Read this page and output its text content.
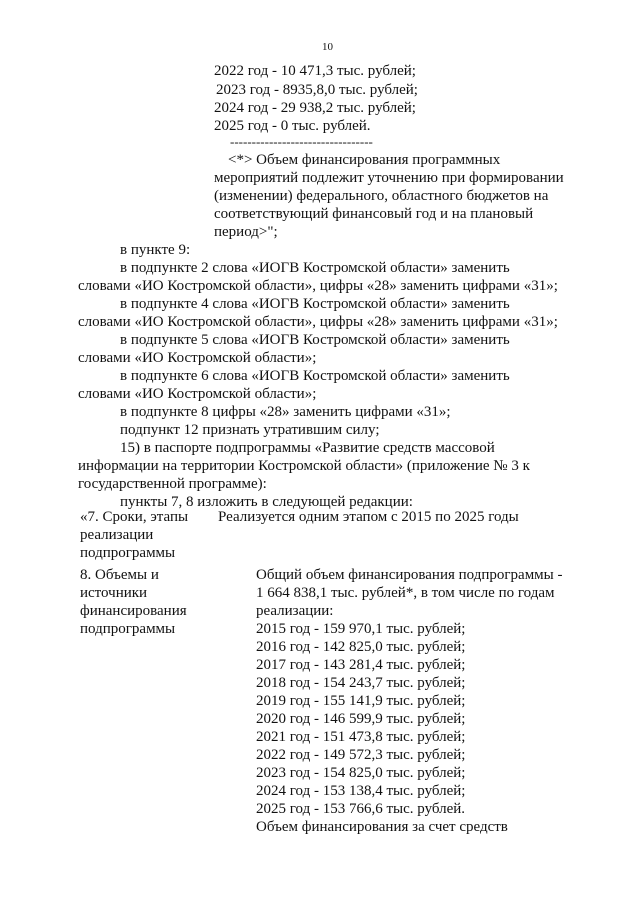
10
2022 год - 10 471,3 тыс. рублей;
2023 год - 8935,8,0 тыс. рублей;
2024 год - 29 938,2 тыс. рублей;
2025 год - 0 тыс. рублей.
---------------------------------
<*> Объем финансирования программных
мероприятий подлежит уточнению при формировании
(изменении) федерального, областного бюджетов на
соответствующий финансовый год и на плановый
период>";
в пункте 9:
в подпункте 2 слова «ИОГВ Костромской области» заменить
словами «ИО Костромской области», цифры «28» заменить цифрами «31»;
в подпункте 4 слова «ИОГВ Костромской области» заменить
словами «ИО Костромской области», цифры «28» заменить цифрами «31»;
в подпункте 5 слова «ИОГВ Костромской области» заменить
словами «ИО Костромской области»;
в подпункте 6 слова «ИОГВ Костромской области» заменить
словами «ИО Костромской области»;
в подпункте 8 цифры «28» заменить цифрами «31»;
подпункт 12 признать утратившим силу;
15) в паспорте подпрограммы «Развитие средств массовой
информации на территории Костромской области» (приложение № 3 к
государственной программе):
пункты 7, 8 изложить в следующей редакции:
«7. Сроки, этапы
реализации
подпрограммы
Реализуется одним этапом с 2015 по 2025 годы
8. Объемы и
источники
финансирования
подпрограммы
Общий объем финансирования подпрограммы -
1 664 838,1 тыс. рублей*, в том числе по годам
реализации:
2015 год - 159 970,1 тыс. рублей;
2016 год - 142 825,0 тыс. рублей;
2017 год - 143 281,4 тыс. рублей;
2018 год - 154 243,7 тыс. рублей;
2019 год - 155 141,9 тыс. рублей;
2020 год - 146 599,9 тыс. рублей;
2021 год - 151 473,8 тыс. рублей;
2022 год - 149 572,3 тыс. рублей;
2023 год - 154 825,0 тыс. рублей;
2024 год - 153 138,4 тыс. рублей;
2025 год - 153 766,6 тыс. рублей.
Объем финансирования за счет средств
